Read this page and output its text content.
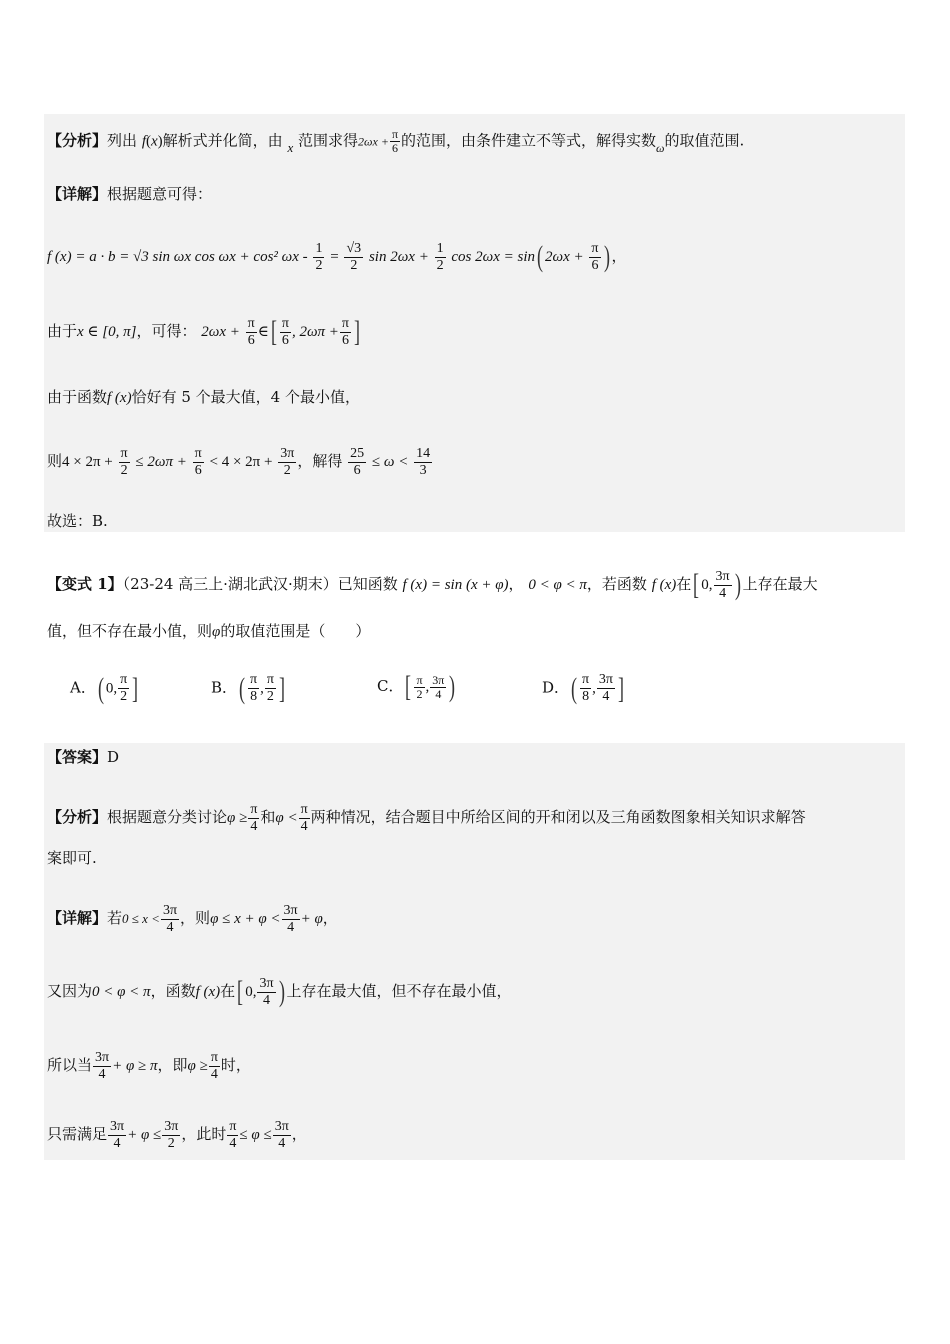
【分析】列出 f(x)解析式并化简，由 x 范围求得$2\omega x + \frac{\pi}{6}$ 的范围，由条件建立不等式，解得实数$_\omega$的取值范围.
【详解】根据题意可得：
f (x) = a · b = √3 sin ωx cos ωx + cos² $\omega x - \frac{1}{2} = \frac{√3}{2}$ $\sin 2\omega x + \frac{1}{2}$ cos 2ωx = sin( $2\omega x + \frac{\pi}{6}$ ) ，
由于x ∈ [0, π]，可得： $2\omega x + \frac{\pi}{6}$ ∈[ $\frac{\pi}{6}$ , $2\omega\pi + \frac{\pi}{6}$ ]
由于函数f (x)恰好有 5 个最大值，4 个最小值，
则$4 \times 2\pi + \frac{\pi}{2} \le 2\omega\pi + \frac{\pi}{6} < 4 \times 2\pi + \frac{3\pi}{2}$ ，解得 $\frac{25}{6} \le \omega < \frac{14}{3}$
故选：B.
【变式 1】（23-24 高三上·湖北武汉·期末）已知函数 f (x) = sin (x + φ)， 0 < φ < π，若函数 f (x)在[ 0, $\frac{3\pi}{4}$ ) 上存在最大
值，但不存在最小值，则φ的取值范围是（　　）
A．( 0, $\frac{\pi}{2}$ ]	B．( $\frac{\pi}{8}$ , $\frac{\pi}{2}$ ]	C．[ $\frac{\pi}{2}$ , $\frac{3\pi}{4}$ )	D．( $\frac{\pi}{8}$ , $\frac{3\pi}{4}$ ]
【答案】D
【分析】根据题意分类讨论$\varphi \ge \frac{\pi}{4}$ 和$\varphi < \frac{\pi}{4}$ 两种情况，结合题目中所给区间的开和闭以及三角函数图象相关知识求解答
案即可.
【详解】若$0 \le x < \frac{3\pi}{4}$ ，则$\varphi \le x + \varphi < \frac{3\pi}{4} + \varphi$，
又因为0 < φ < π，函数f (x)在[ 0, $\frac{3\pi}{4}$ ) 上存在最大值，但不存在最小值，
所以当 $\frac{3\pi}{4} + \varphi \ge \pi$，即$\varphi \ge \frac{\pi}{4}$ 时，
只需满足 $\frac{3\pi}{4} + \varphi \le \frac{3\pi}{2}$ ，此时 $\frac{\pi}{4} \le \varphi \le \frac{3\pi}{4}$ ，
